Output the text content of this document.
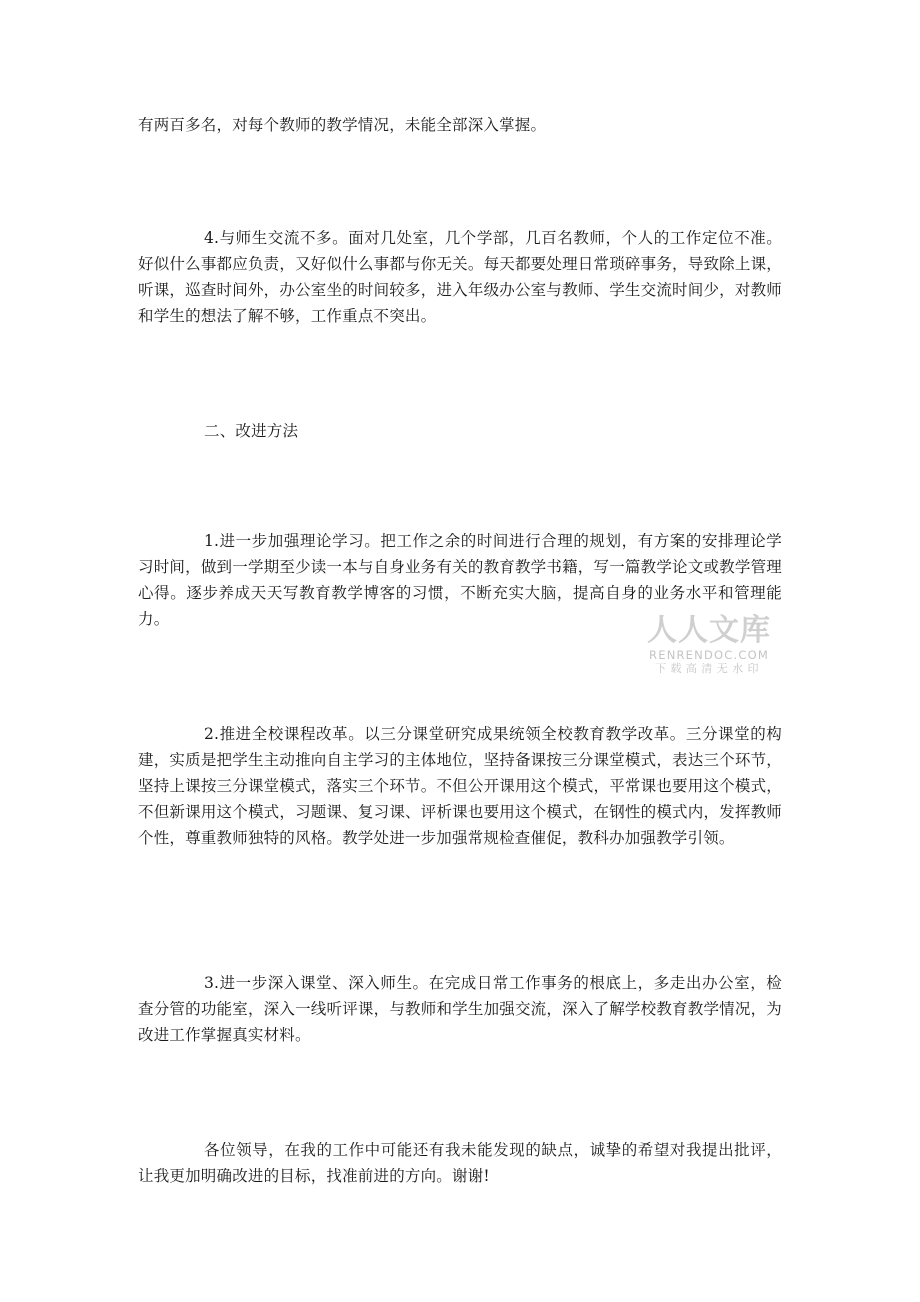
有两百多名，对每个教师的教学情况，未能全部深入掌握。

4.与师生交流不多。面对几处室，几个学部，几百名教师，个人的工作定位不准。好似什么事都应负责，又好似什么事都与你无关。每天都要处理日常琐碎事务，导致除上课，听课，巡查时间外，办公室坐的时间较多，进入年级办公室与教师、学生交流时间少，对教师和学生的想法了解不够，工作重点不突出。

二、改进方法

1.进一步加强理论学习。把工作之余的时间进行合理的规划，有方案的安排理论学习时间，做到一学期至少读一本与自身业务有关的教育教学书籍，写一篇教学论文或教学管理心得。逐步养成天天写教育教学博客的习惯，不断充实大脑，提高自身的业务水平和管理能力。

2.推进全校课程改革。以三分课堂研究成果统领全校教育教学改革。三分课堂的构建，实质是把学生主动推向自主学习的主体地位，坚持备课按三分课堂模式，表达三个环节，坚持上课按三分课堂模式，落实三个环节。不但公开课用这个模式，平常课也要用这个模式，不但新课用这个模式，习题课、复习课、评析课也要用这个模式，在钢性的模式内，发挥教师个性，尊重教师独特的风格。教学处进一步加强常规检查催促，教科办加强教学引领。

3.进一步深入课堂、深入师生。在完成日常工作事务的根底上，多走出办公室，检查分管的功能室，深入一线听评课，与教师和学生加强交流，深入了解学校教育教学情况，为改进工作掌握真实材料。

各位领导，在我的工作中可能还有我未能发现的缺点，诚挚的希望对我提出批评，让我更加明确改进的目标，找准前进的方向。谢谢!

人人文库
RENRENDOC.COM
下载高清无水印
